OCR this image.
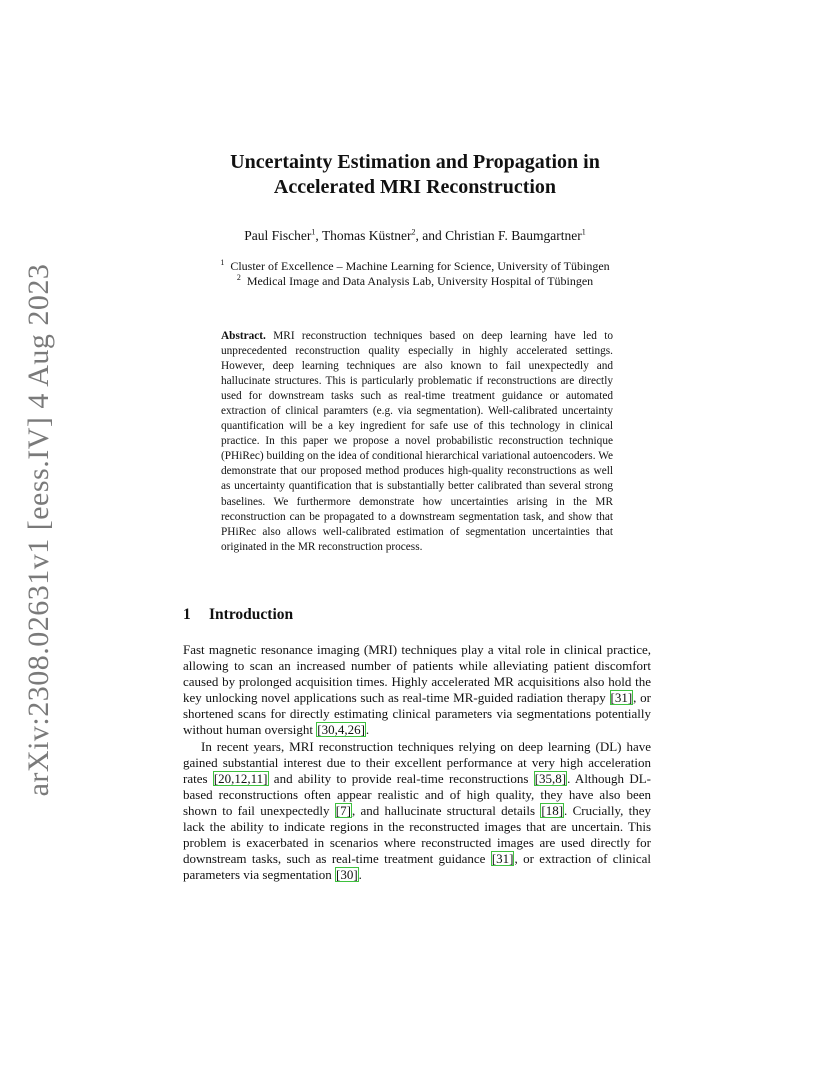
arXiv:2308.02631v1 [eess.IV] 4 Aug 2023
Uncertainty Estimation and Propagation in
Accelerated MRI Reconstruction
Paul Fischer$^1$, Thomas Küstner$^2$, and Christian F. Baumgartner$^1$
$^1$ Cluster of Excellence – Machine Learning for Science, University of Tübingen
$^2$ Medical Image and Data Analysis Lab, University Hospital of Tübingen
Abstract. MRI reconstruction techniques based on deep learning have led to unprecedented reconstruction quality especially in highly accelerated settings. However, deep learning techniques are also known to fail unexpectedly and hallucinate structures. This is particularly problematic if reconstructions are directly used for downstream tasks such as real-time treatment guidance or automated extraction of clinical paramters (e.g. via segmentation). Well-calibrated uncertainty quantification will be a key ingredient for safe use of this technology in clinical practice. In this paper we propose a novel probabilistic reconstruction technique (PHiRec) building on the idea of conditional hierarchical variational autoencoders. We demonstrate that our proposed method produces high-quality reconstructions as well as uncertainty quantification that is substantially better calibrated than several strong baselines. We furthermore demonstrate how uncertainties arising in the MR reconstruction can be propagated to a downstream segmentation task, and show that PHiRec also allows well-calibrated estimation of segmentation uncertainties that originated in the MR reconstruction process.
1 Introduction

Fast magnetic resonance imaging (MRI) techniques play a vital role in clinical practice, allowing to scan an increased number of patients while alleviating patient discomfort caused by prolonged acquisition times. Highly accelerated MR acquisitions also hold the key unlocking novel applications such as real-time MR-guided radiation therapy [31], or shortened scans for directly estimating clinical parameters via segmentations potentially without human oversight [30,4,26].

In recent years, MRI reconstruction techniques relying on deep learning (DL) have gained substantial interest due to their excellent performance at very high acceleration rates [20,12,11] and ability to provide real-time reconstructions [35,8]. Although DL-based reconstructions often appear realistic and of high quality, they have also been shown to fail unexpectedly [7], and hallucinate structural details [18]. Crucially, they lack the ability to indicate regions in the reconstructed images that are uncertain. This problem is exacerbated in scenarios where reconstructed images are used directly for downstream tasks, such as real-time treatment guidance [31], or extraction of clinical parameters via segmentation [30].
